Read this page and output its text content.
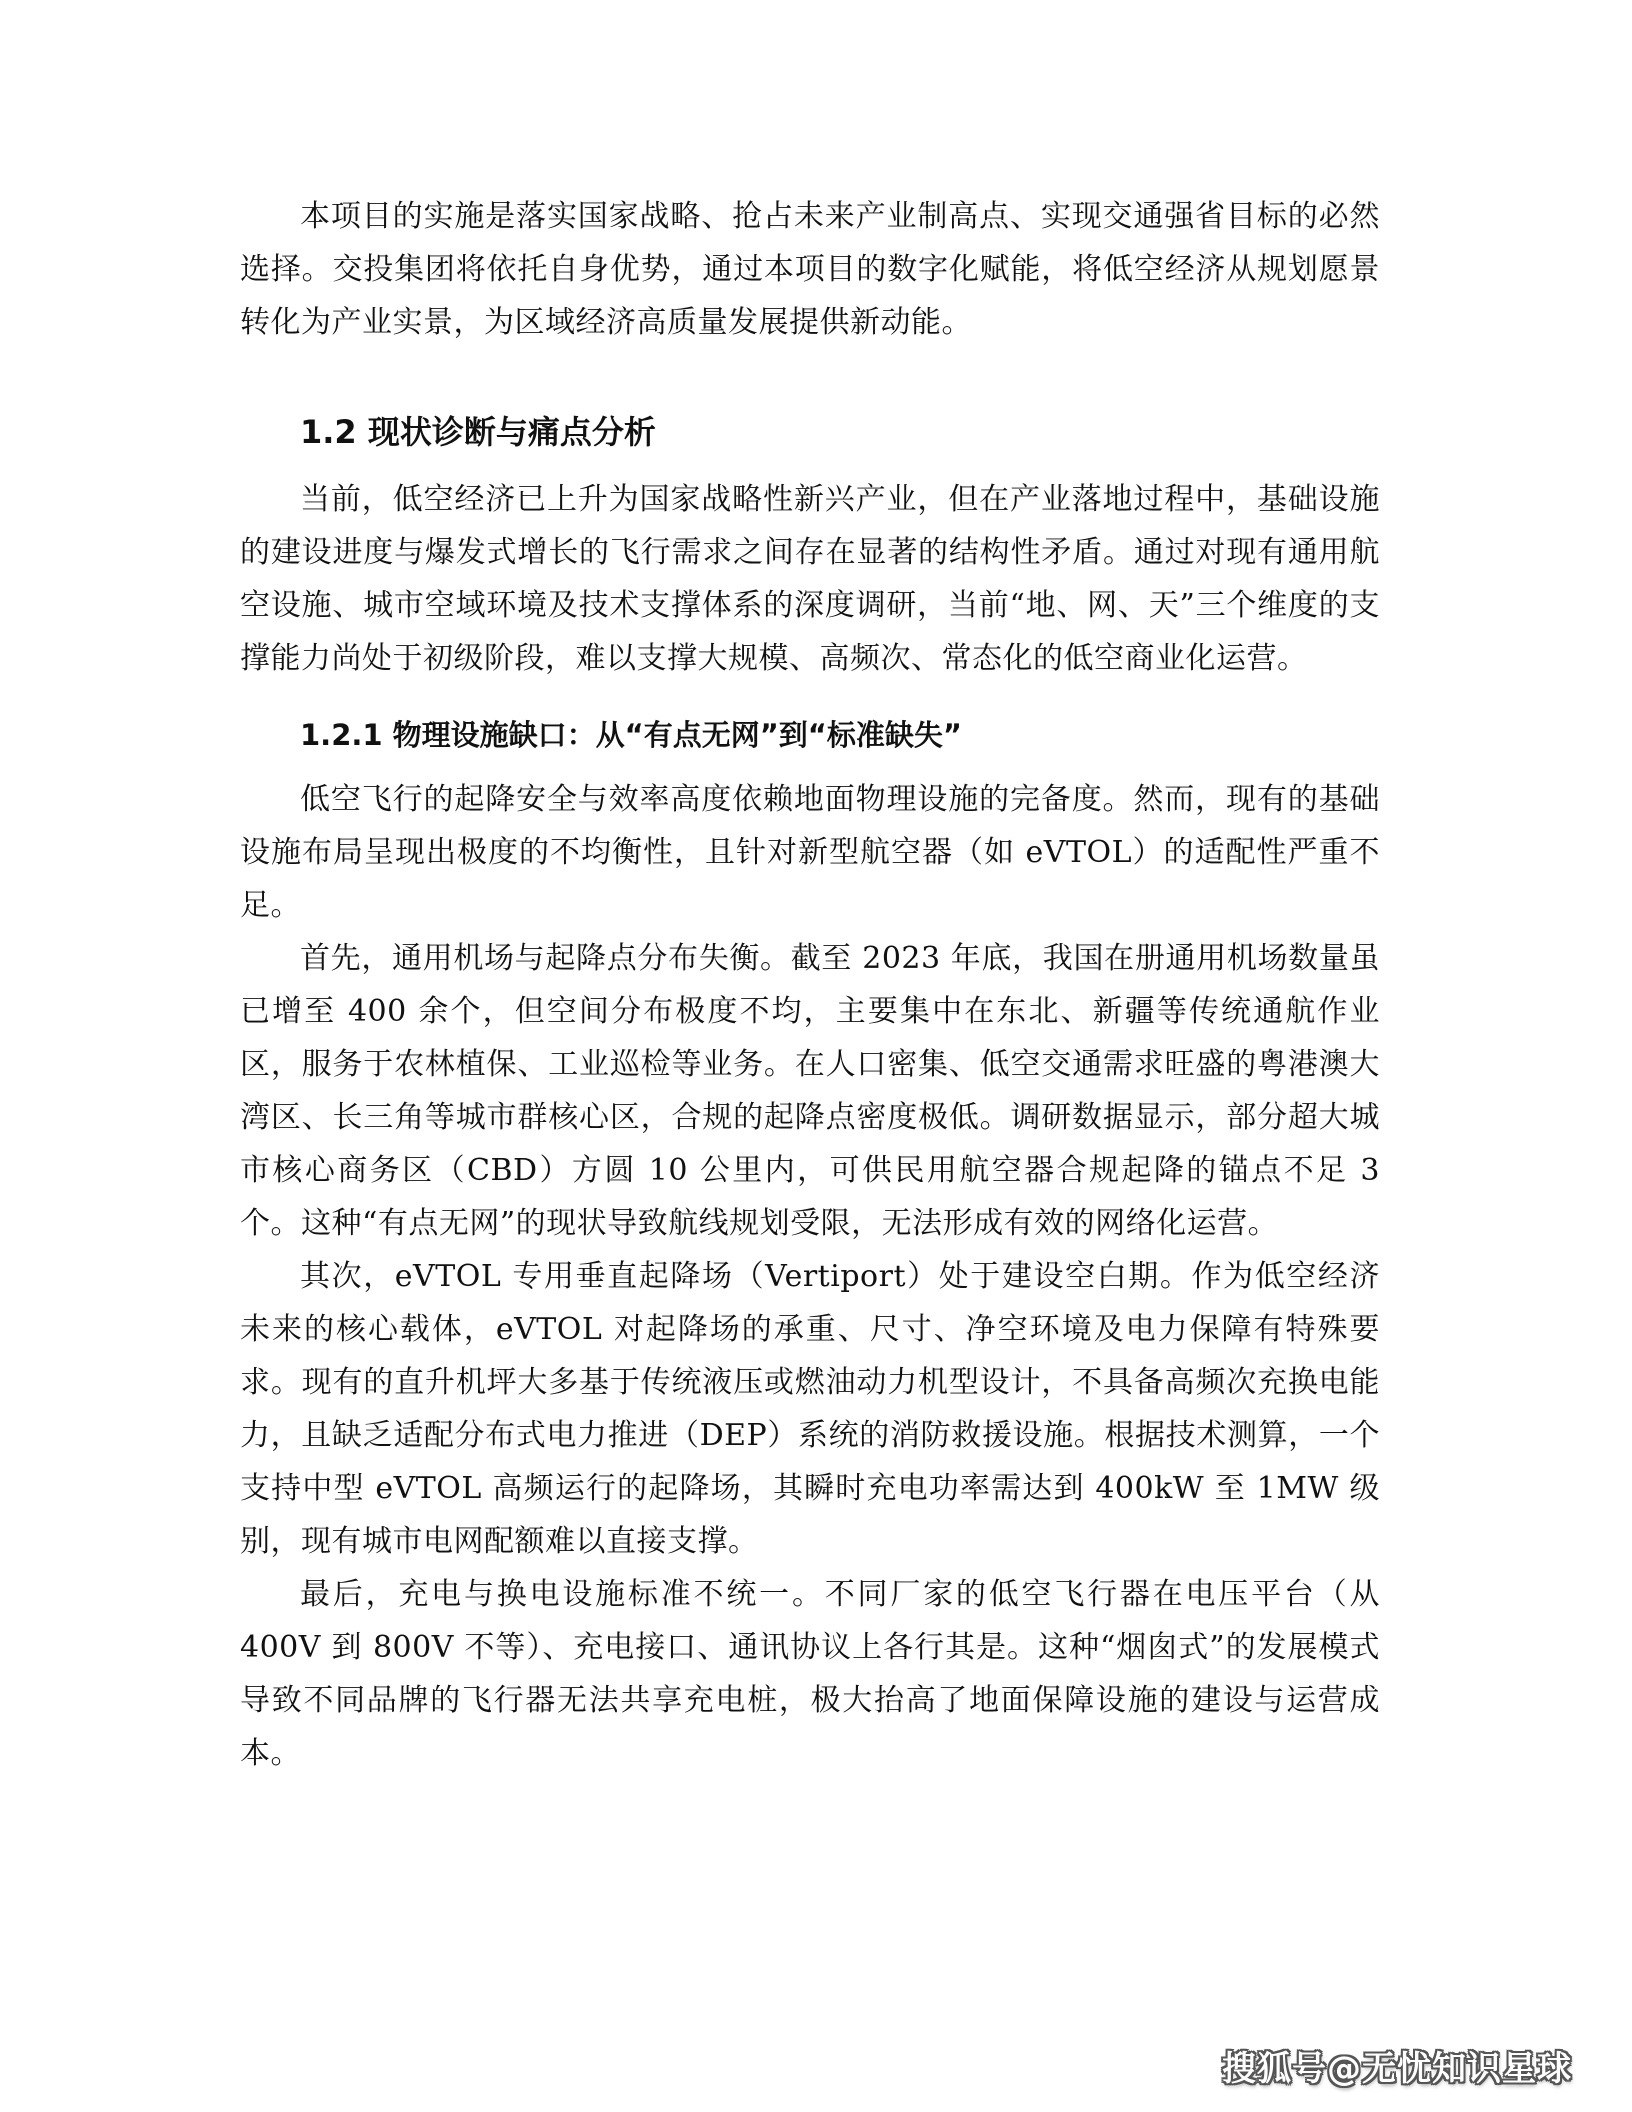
本项目的实施是落实国家战略、抢占未来产业制高点、实现交通强省目标的必然选择。交投集团将依托自身优势，通过本项目的数字化赋能，将低空经济从规划愿景转化为产业实景，为区域经济高质量发展提供新动能。

1.2 现状诊断与痛点分析

当前，低空经济已上升为国家战略性新兴产业，但在产业落地过程中，基础设施的建设进度与爆发式增长的飞行需求之间存在显著的结构性矛盾。通过对现有通用航空设施、城市空域环境及技术支撑体系的深度调研，当前“地、网、天”三个维度的支撑能力尚处于初级阶段，难以支撑大规模、高频次、常态化的低空商业化运营。

1.2.1 物理设施缺口：从“有点无网”到“标准缺失”

低空飞行的起降安全与效率高度依赖地面物理设施的完备度。然而，现有的基础设施布局呈现出极度的不均衡性，且针对新型航空器（如 eVTOL）的适配性严重不足。

首先，通用机场与起降点分布失衡。截至 2023 年底，我国在册通用机场数量虽已增至 400 余个，但空间分布极度不均，主要集中在东北、新疆等传统通航作业区，服务于农林植保、工业巡检等业务。在人口密集、低空交通需求旺盛的粤港澳大湾区、长三角等城市群核心区，合规的起降点密度极低。调研数据显示，部分超大城市核心商务区（CBD）方圆 10 公里内，可供民用航空器合规起降的锚点不足 3 个。这种“有点无网”的现状导致航线规划受限，无法形成有效的网络化运营。

其次，eVTOL 专用垂直起降场（Vertiport）处于建设空白期。作为低空经济未来的核心载体，eVTOL 对起降场的承重、尺寸、净空环境及电力保障有特殊要求。现有的直升机坪大多基于传统液压或燃油动力机型设计，不具备高频次充换电能力，且缺乏适配分布式电力推进（DEP）系统的消防救援设施。根据技术测算，一个支持中型 eVTOL 高频运行的起降场，其瞬时充电功率需达到 400kW 至 1MW 级别，现有城市电网配额难以直接支撑。

最后，充电与换电设施标准不统一。不同厂家的低空飞行器在电压平台（从 400V 到 800V 不等）、充电接口、通讯协议上各行其是。这种“烟囱式”的发展模式导致不同品牌的飞行器无法共享充电桩，极大抬高了地面保障设施的建设与运营成本。

搜狐号@无忧知识星球
